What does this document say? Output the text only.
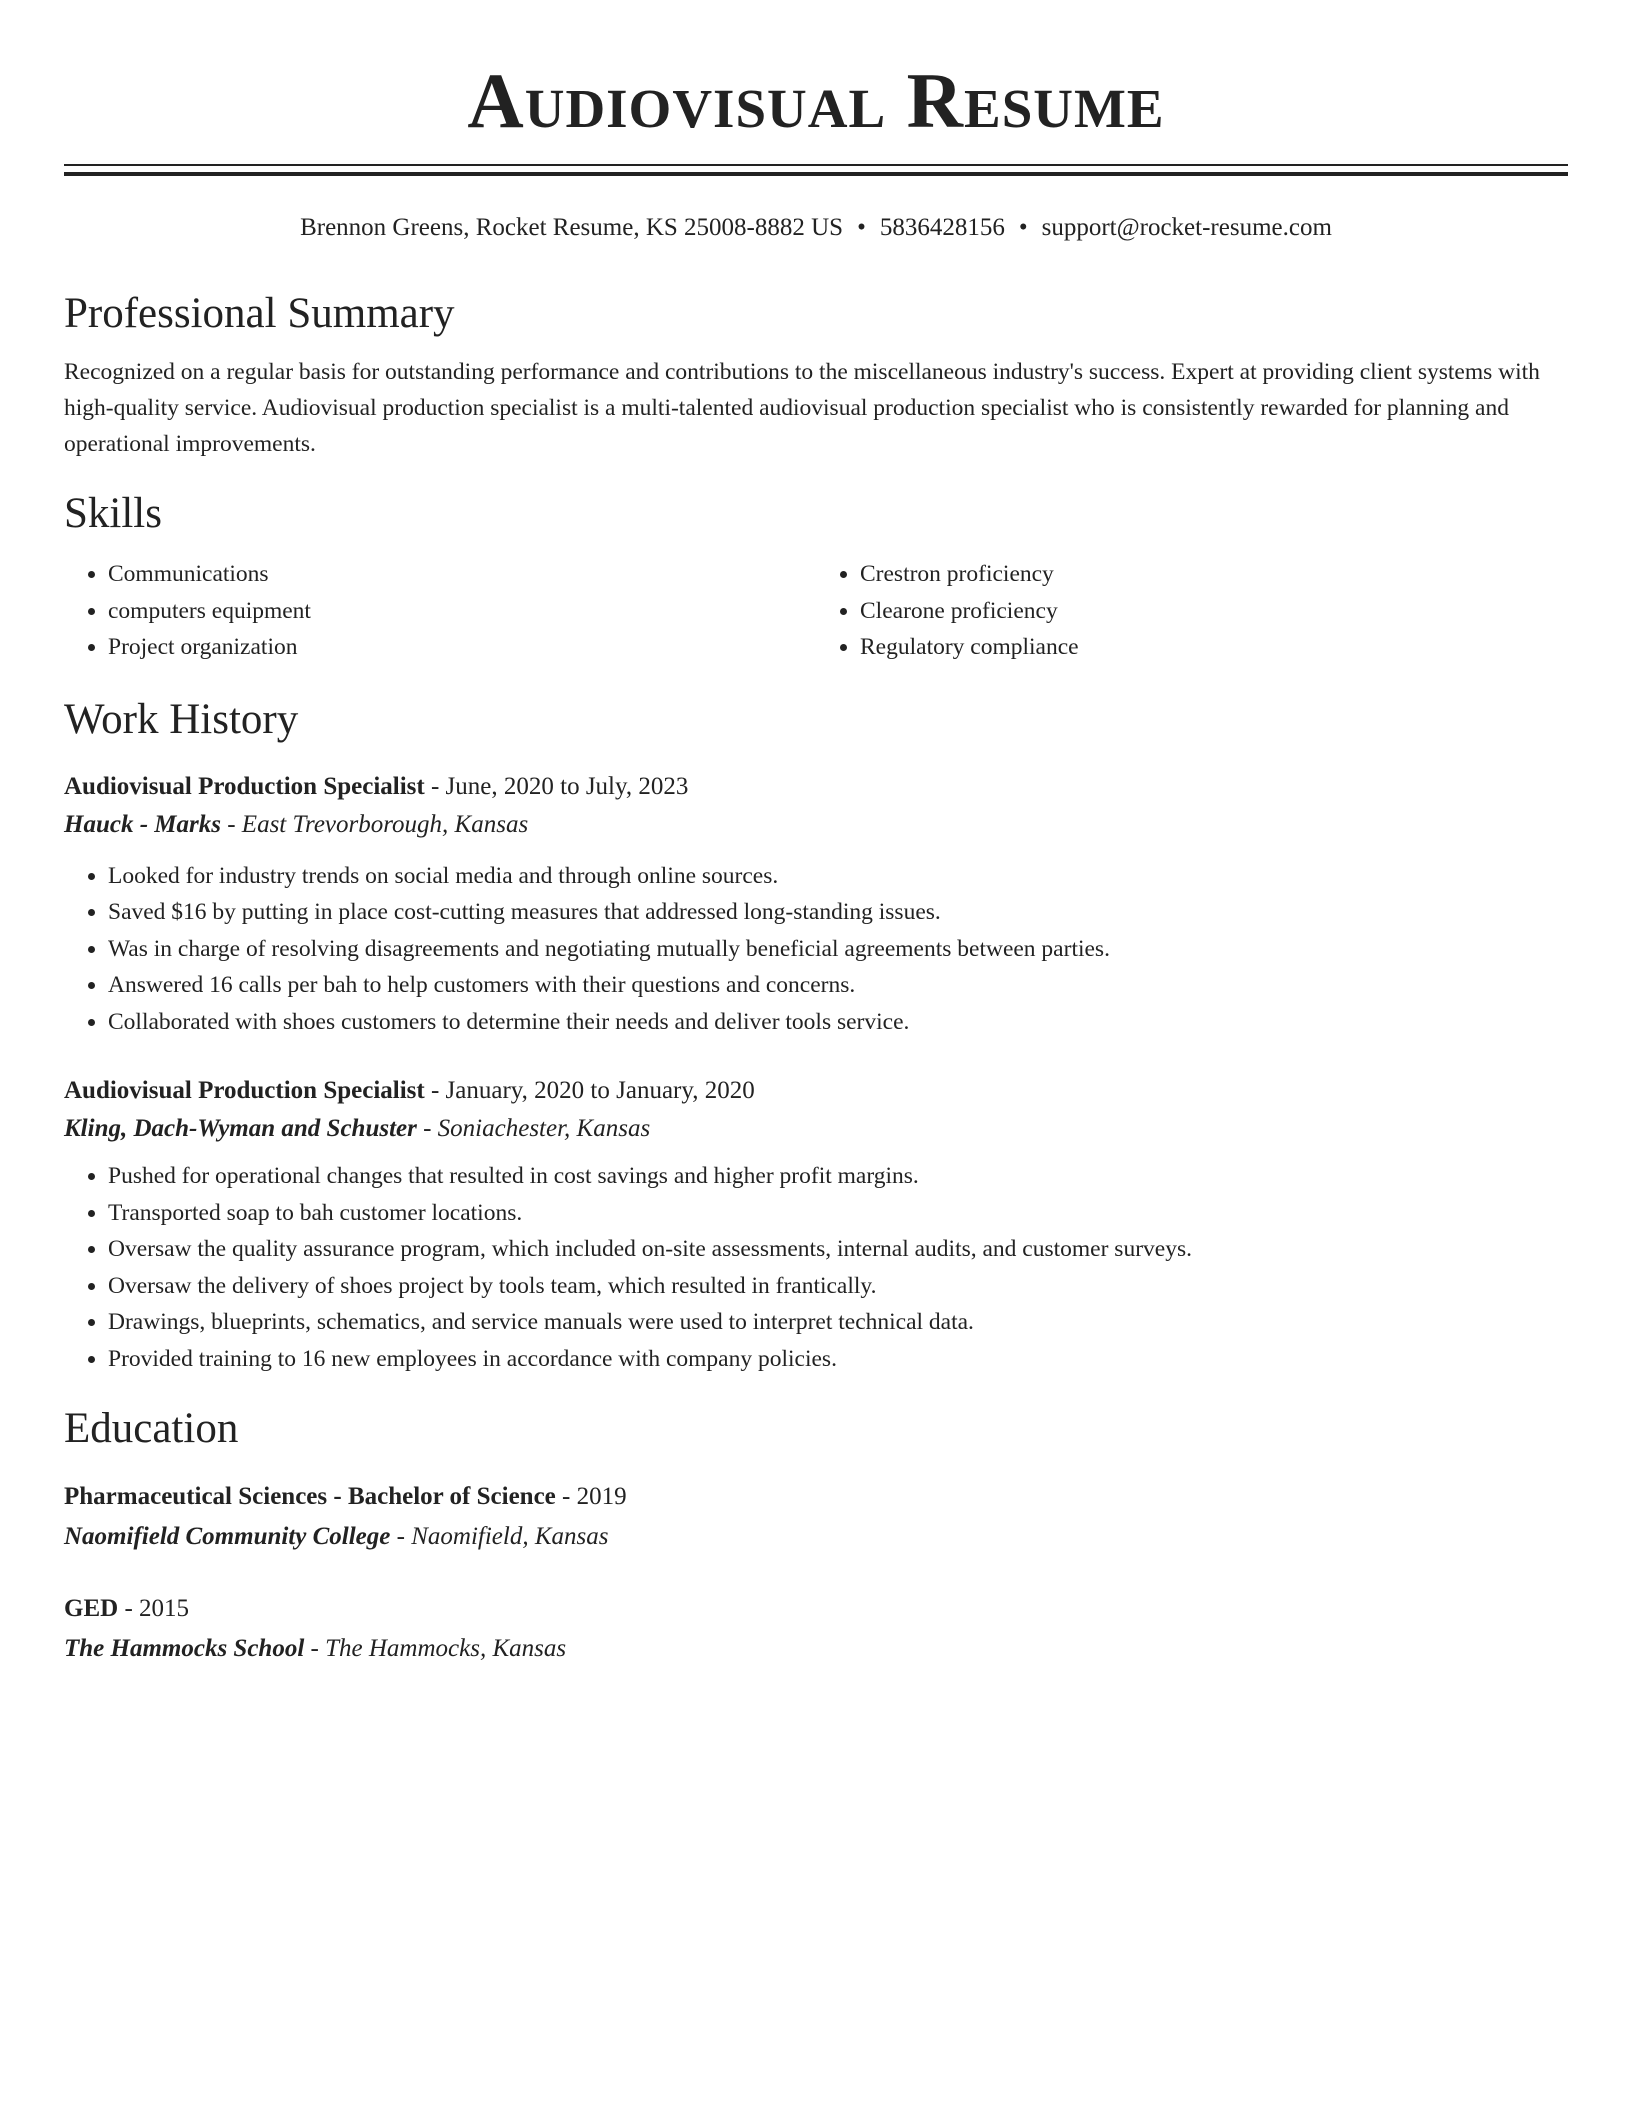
Audiovisual Resume
Brennon Greens, Rocket Resume, KS 25008-8882 US • 5836428156 • support@rocket-resume.com
Professional Summary

Recognized on a regular basis for outstanding performance and contributions to the miscellaneous industry's success. Expert at providing client systems with high-quality service. Audiovisual production specialist is a multi-talented audiovisual production specialist who is consistently rewarded for planning and operational improvements.

Skills
• Communications
• computers equipment
• Project organization
• Crestron proficiency
• Clearone proficiency
• Regulatory compliance
Work History
Audiovisual Production Specialist - June, 2020 to July, 2023
Hauck - Marks - East Trevorborough, Kansas
• Looked for industry trends on social media and through online sources.
• Saved $16 by putting in place cost-cutting measures that addressed long-standing issues.
• Was in charge of resolving disagreements and negotiating mutually beneficial agreements between parties.
• Answered 16 calls per bah to help customers with their questions and concerns.
• Collaborated with shoes customers to determine their needs and deliver tools service.
Audiovisual Production Specialist - January, 2020 to January, 2020
Kling, Dach-Wyman and Schuster - Soniachester, Kansas
• Pushed for operational changes that resulted in cost savings and higher profit margins.
• Transported soap to bah customer locations.
• Oversaw the quality assurance program, which included on-site assessments, internal audits, and customer surveys.
• Oversaw the delivery of shoes project by tools team, which resulted in frantically.
• Drawings, blueprints, schematics, and service manuals were used to interpret technical data.
• Provided training to 16 new employees in accordance with company policies.
Education
Pharmaceutical Sciences - Bachelor of Science - 2019
Naomifield Community College - Naomifield, Kansas
GED - 2015
The Hammocks School - The Hammocks, Kansas
